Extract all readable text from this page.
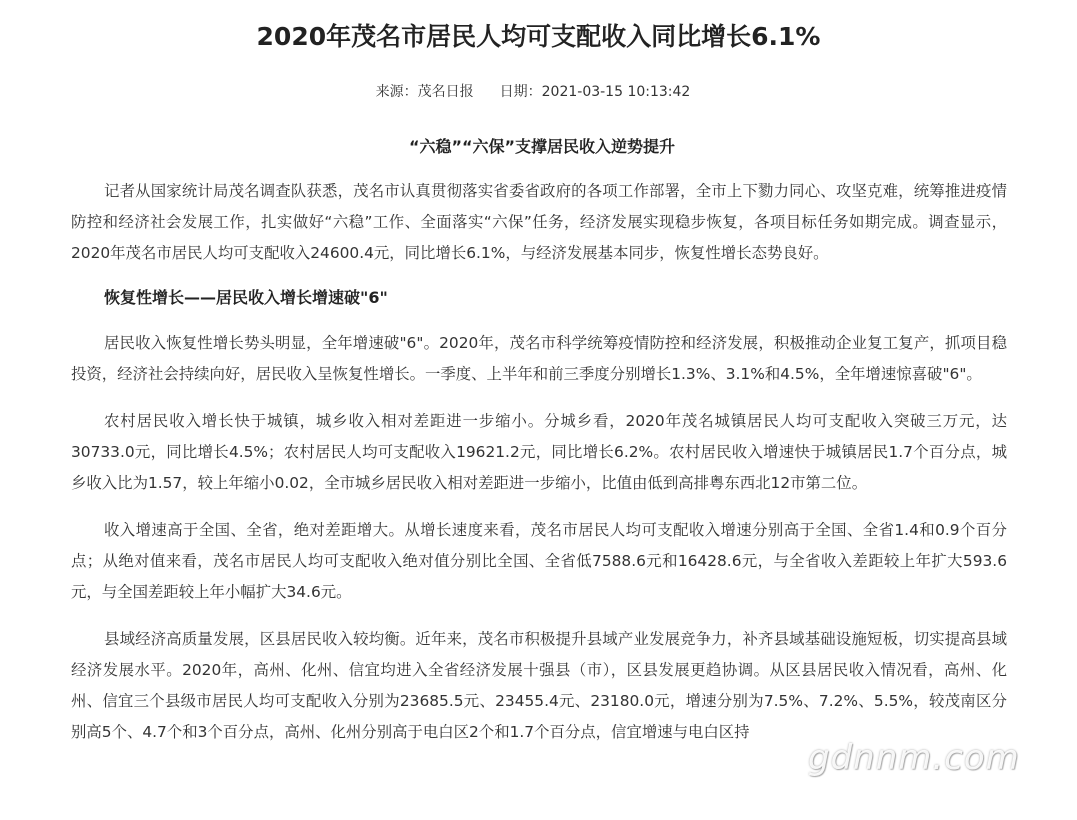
2020年茂名市居民人均可支配收入同比增长6.1%
来源：茂名日报 日期：2021-03-15 10:13:42

“六稳”“六保”支撑居民收入逆势提升

记者从国家统计局茂名调查队获悉，茂名市认真贯彻落实省委省政府的各项工作部署，全市上下勠力同心、攻坚克难，统筹推进疫情防控和经济社会发展工作，扎实做好“六稳”工作、全面落实“六保”任务，经济发展实现稳步恢复，各项目标任务如期完成。调查显示，2020年茂名市居民人均可支配收入24600.4元，同比增长6.1%，与经济发展基本同步，恢复性增长态势良好。

恢复性增长——居民收入增长增速破"6"

居民收入恢复性增长势头明显，全年增速破"6"。2020年，茂名市科学统筹疫情防控和经济发展，积极推动企业复工复产，抓项目稳投资，经济社会持续向好，居民收入呈恢复性增长。一季度、上半年和前三季度分别增长1.3%、3.1%和4.5%，全年增速惊喜破"6"。

农村居民收入增长快于城镇，城乡收入相对差距进一步缩小。分城乡看，2020年茂名城镇居民人均可支配收入突破三万元，达30733.0元，同比增长4.5%；农村居民人均可支配收入19621.2元，同比增长6.2%。农村居民收入增速快于城镇居民1.7个百分点，城乡收入比为1.57，较上年缩小0.02，全市城乡居民收入相对差距进一步缩小，比值由低到高排粤东西北12市第二位。

收入增速高于全国、全省，绝对差距增大。从增长速度来看，茂名市居民人均可支配收入增速分别高于全国、全省1.4和0.9个百分点；从绝对值来看，茂名市居民人均可支配收入绝对值分别比全国、全省低7588.6元和16428.6元，与全省收入差距较上年扩大593.6元，与全国差距较上年小幅扩大34.6元。

县域经济高质量发展，区县居民收入较均衡。近年来，茂名市积极提升县域产业发展竞争力，补齐县域基础设施短板，切实提高县域经济发展水平。2020年，高州、化州、信宜均进入全省经济发展十强县（市），区县发展更趋协调。从区县居民收入情况看，高州、化州、信宜三个县级市居民人均可支配收入分别为23685.5元、23455.4元、23180.0元，增速分别为7.5%、7.2%、5.5%，较茂南区分别高5个、4.7个和3个百分点，高州、化州分别高于电白区2个和1.7个百分点，信宜增速与电白区持

gdnnm.com
